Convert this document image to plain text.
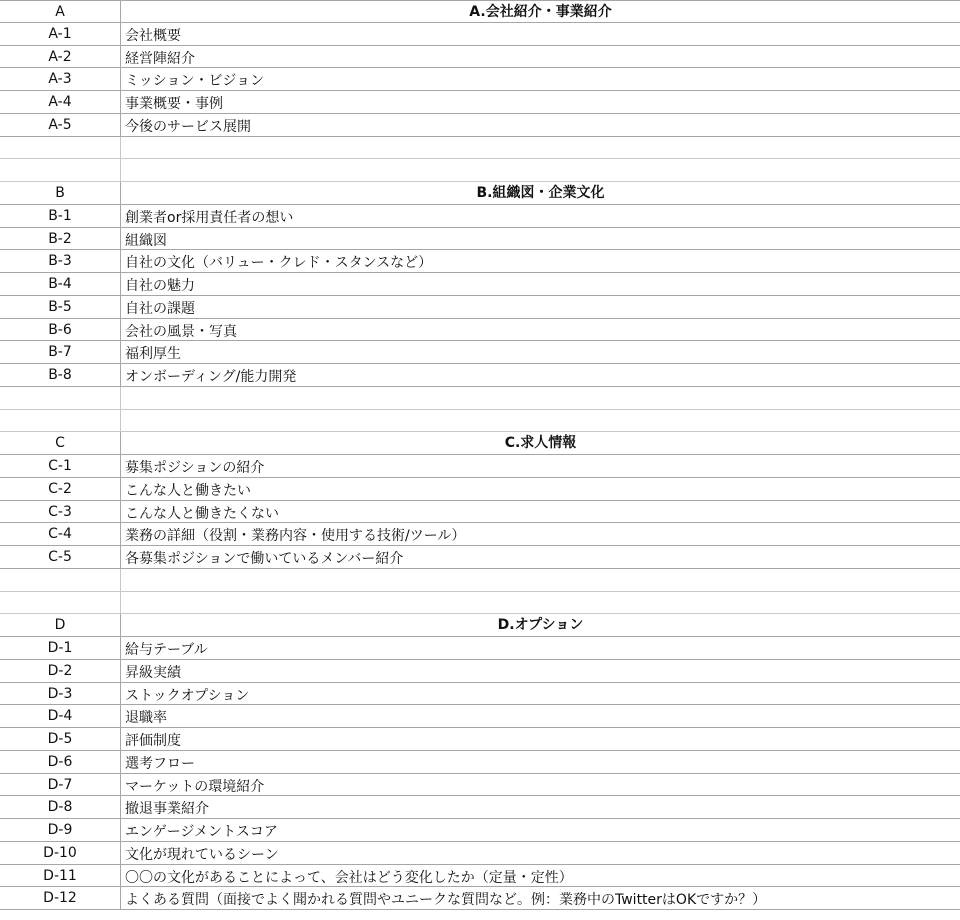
A	A.会社紹介・事業紹介
A-1	会社概要
A-2	経営陣紹介
A-3	ミッション・ビジョン
A-4	事業概要・事例
A-5	今後のサービス展開
B	B.組織図・企業文化
B-1	創業者or採用責任者の想い
B-2	組織図
B-3	自社の文化（バリュー・クレド・スタンスなど）
B-4	自社の魅力
B-5	自社の課題
B-6	会社の風景・写真
B-7	福利厚生
B-8	オンボーディング/能力開発
C	C.求人情報
C-1	募集ポジションの紹介
C-2	こんな人と働きたい
C-3	こんな人と働きたくない
C-4	業務の詳細（役割・業務内容・使用する技術/ツール）
C-5	各募集ポジションで働いているメンバー紹介
D	D.オプション
D-1	給与テーブル
D-2	昇級実績
D-3	ストックオプション
D-4	退職率
D-5	評価制度
D-6	選考フロー
D-7	マーケットの環境紹介
D-8	撤退事業紹介
D-9	エンゲージメントスコア
D-10	文化が現れているシーン
D-11	〇〇の文化があることによって、会社はどう変化したか（定量・定性）
D-12	よくある質問（面接でよく聞かれる質問やユニークな質問など。例：業務中のTwitterはOKですか？）
